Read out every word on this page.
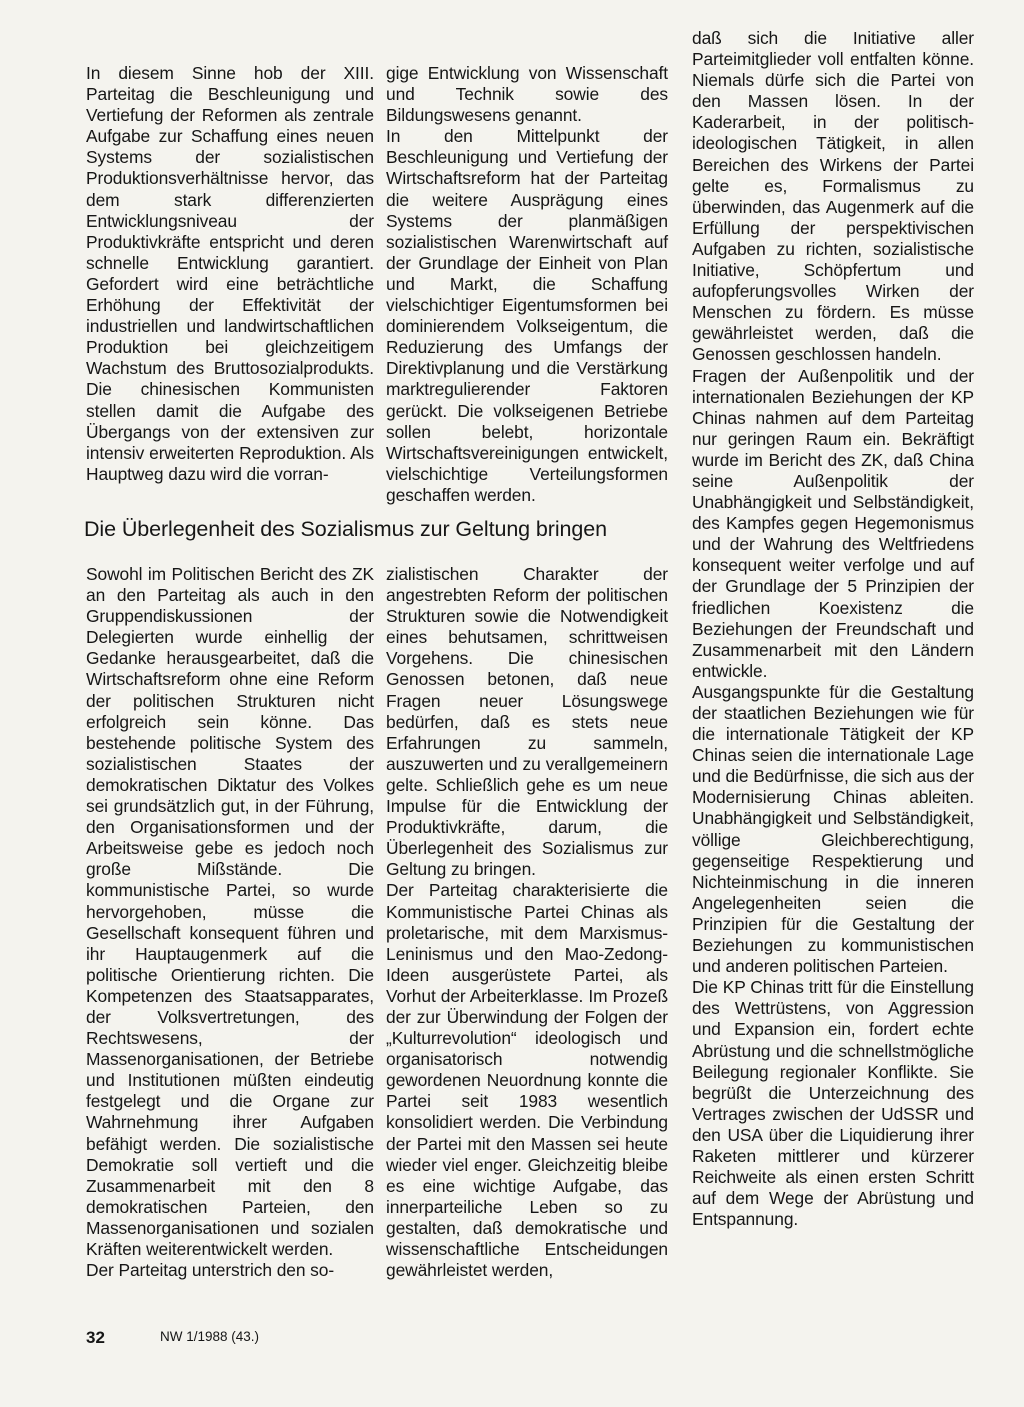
In diesem Sinne hob der XIII. Parteitag die Beschleunigung und Vertiefung der Reformen als zentrale Aufgabe zur Schaffung eines neuen Systems der sozialistischen Produktionsverhältnisse hervor, das dem stark differenzierten Entwicklungsniveau der Produktivkräfte entspricht und deren schnelle Entwicklung garantiert. Gefordert wird eine beträchtliche Erhöhung der Effektivität der industriellen und landwirtschaftlichen Produktion bei gleichzeitigem Wachstum des Bruttosozialprodukts. Die chinesischen Kommunisten stellen damit die Aufgabe des Übergangs von der extensiven zur intensiv erweiterten Reproduktion. Als Hauptweg dazu wird die vorran-

gige Entwicklung von Wissenschaft und Technik sowie des Bildungswesens genannt.

In den Mittelpunkt der Beschleunigung und Vertiefung der Wirtschaftsreform hat der Parteitag die weitere Ausprägung eines Systems der planmäßigen sozialistischen Warenwirtschaft auf der Grundlage der Einheit von Plan und Markt, die Schaffung vielschichtiger Eigentumsformen bei dominierendem Volkseigentum, die Reduzierung des Umfangs der Direktivplanung und die Verstärkung marktregulierender Faktoren gerückt. Die volkseigenen Betriebe sollen belebt, horizontale Wirtschaftsvereinigungen entwickelt, vielschichtige Verteilungsformen geschaffen werden.

Die Überlegenheit des Sozialismus zur Geltung bringen

Sowohl im Politischen Bericht des ZK an den Parteitag als auch in den Gruppendiskussionen der Delegierten wurde einhellig der Gedanke herausgearbeitet, daß die Wirtschaftsreform ohne eine Reform der politischen Strukturen nicht erfolgreich sein könne. Das bestehende politische System des sozialistischen Staates der demokratischen Diktatur des Volkes sei grundsätzlich gut, in der Führung, den Organisationsformen und der Arbeitsweise gebe es jedoch noch große Mißstände. Die kommunistische Partei, so wurde hervorgehoben, müsse die Gesellschaft konsequent führen und ihr Hauptaugenmerk auf die politische Orientierung richten. Die Kompetenzen des Staatsapparates, der Volksvertretungen, des Rechtswesens, der Massenorganisationen, der Betriebe und Institutionen müßten eindeutig festgelegt und die Organe zur Wahrnehmung ihrer Aufgaben befähigt werden. Die sozialistische Demokratie soll vertieft und die Zusammenarbeit mit den 8 demokratischen Parteien, den Massenorganisationen und sozialen Kräften weiterentwickelt werden.

Der Parteitag unterstrich den so-

zialistischen Charakter der angestrebten Reform der politischen Strukturen sowie die Notwendigkeit eines behutsamen, schrittweisen Vorgehens. Die chinesischen Genossen betonen, daß neue Fragen neuer Lösungswege bedürfen, daß es stets neue Erfahrungen zu sammeln, auszuwerten und zu verallgemeinern gelte. Schließlich gehe es um neue Impulse für die Entwicklung der Produktivkräfte, darum, die Überlegenheit des Sozialismus zur Geltung zu bringen.

Der Parteitag charakterisierte die Kommunistische Partei Chinas als proletarische, mit dem Marxismus-Leninismus und den Mao-Zedong-Ideen ausgerüstete Partei, als Vorhut der Arbeiterklasse. Im Prozeß der zur Überwindung der Folgen der „Kulturrevolution“ ideologisch und organisatorisch notwendig gewordenen Neuordnung konnte die Partei seit 1983 wesentlich konsolidiert werden. Die Verbindung der Partei mit den Massen sei heute wieder viel enger. Gleichzeitig bleibe es eine wichtige Aufgabe, das innerparteiliche Leben so zu gestalten, daß demokratische und wissenschaftliche Entscheidungen gewährleistet werden,

daß sich die Initiative aller Parteimitglieder voll entfalten könne. Niemals dürfe sich die Partei von den Massen lösen. In der Kaderarbeit, in der politisch-ideologischen Tätigkeit, in allen Bereichen des Wirkens der Partei gelte es, Formalismus zu überwinden, das Augenmerk auf die Erfüllung der perspektivischen Aufgaben zu richten, sozialistische Initiative, Schöpfertum und aufopferungsvolles Wirken der Menschen zu fördern. Es müsse gewährleistet werden, daß die Genossen geschlossen handeln.

Fragen der Außenpolitik und der internationalen Beziehungen der KP Chinas nahmen auf dem Parteitag nur geringen Raum ein. Bekräftigt wurde im Bericht des ZK, daß China seine Außenpolitik der Unabhängigkeit und Selbständigkeit, des Kampfes gegen Hegemonismus und der Wahrung des Weltfriedens konsequent weiter verfolge und auf der Grundlage der 5 Prinzipien der friedlichen Koexistenz die Beziehungen der Freundschaft und Zusammenarbeit mit den Ländern entwickle.

Ausgangspunkte für die Gestaltung der staatlichen Beziehungen wie für die internationale Tätigkeit der KP Chinas seien die internationale Lage und die Bedürfnisse, die sich aus der Modernisierung Chinas ableiten. Unabhängigkeit und Selbständigkeit, völlige Gleichberechtigung, gegenseitige Respektierung und Nichteinmischung in die inneren Angelegenheiten seien die Prinzipien für die Gestaltung der Beziehungen zu kommunistischen und anderen politischen Parteien.

Die KP Chinas tritt für die Einstellung des Wettrüstens, von Aggression und Expansion ein, fordert echte Abrüstung und die schnellstmögliche Beilegung regionaler Konflikte. Sie begrüßt die Unterzeichnung des Vertrages zwischen der UdSSR und den USA über die Liquidierung ihrer Raketen mittlerer und kürzerer Reichweite als einen ersten Schritt auf dem Wege der Abrüstung und Entspannung.

32	NW 1/1988 (43.)
